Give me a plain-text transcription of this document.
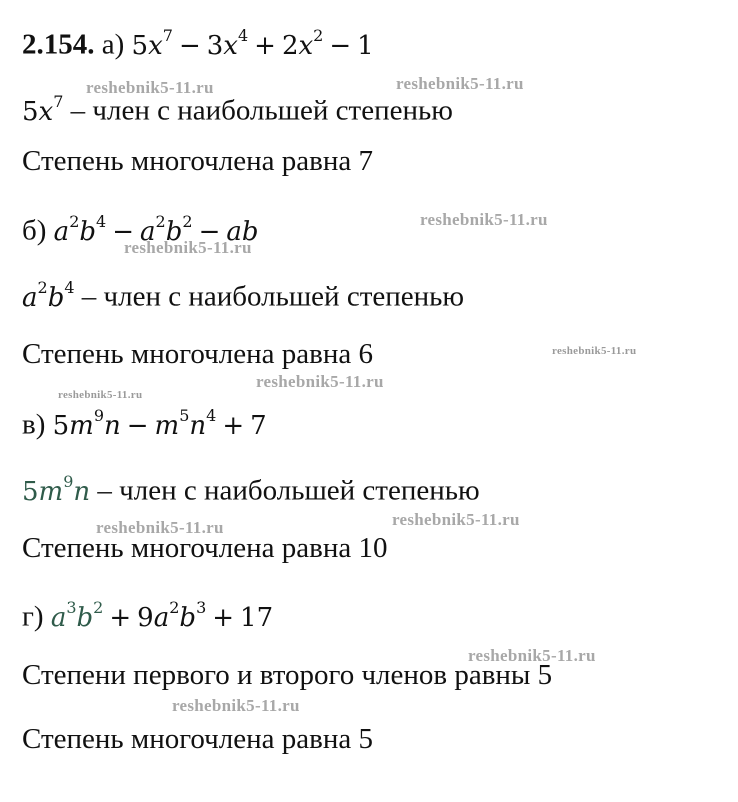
2.154. а) $5x^7 - 3x^4 + 2x^2 - 1$
$5x^7$ – член с наибольшей степенью
Степень многочлена равна 7
б) $a^2b^4 - a^2b^2$ − ab
$a^2b^4$ – член с наибольшей степенью
Степень многочлена равна 6
в) $5m^9n - m^5n^4 + 7$
$5m^9n$ – член с наибольшей степенью
Степень многочлена равна 10
г) $a^3b^2 + 9a^2b^3 + 17$
Степени первого и второго членов равны 5
Степень многочлена равна 5
reshebnik5-11.ru	reshebnik5-11.ru
reshebnik5-11.ru
reshebnik5-11.ru
reshebnik5-11.ru
reshebnik5-11.ru
reshebnik5-11.ru
reshebnik5-11.ru
reshebnik5-11.ru
reshebnik5-11.ru
reshebnik5-11.ru
